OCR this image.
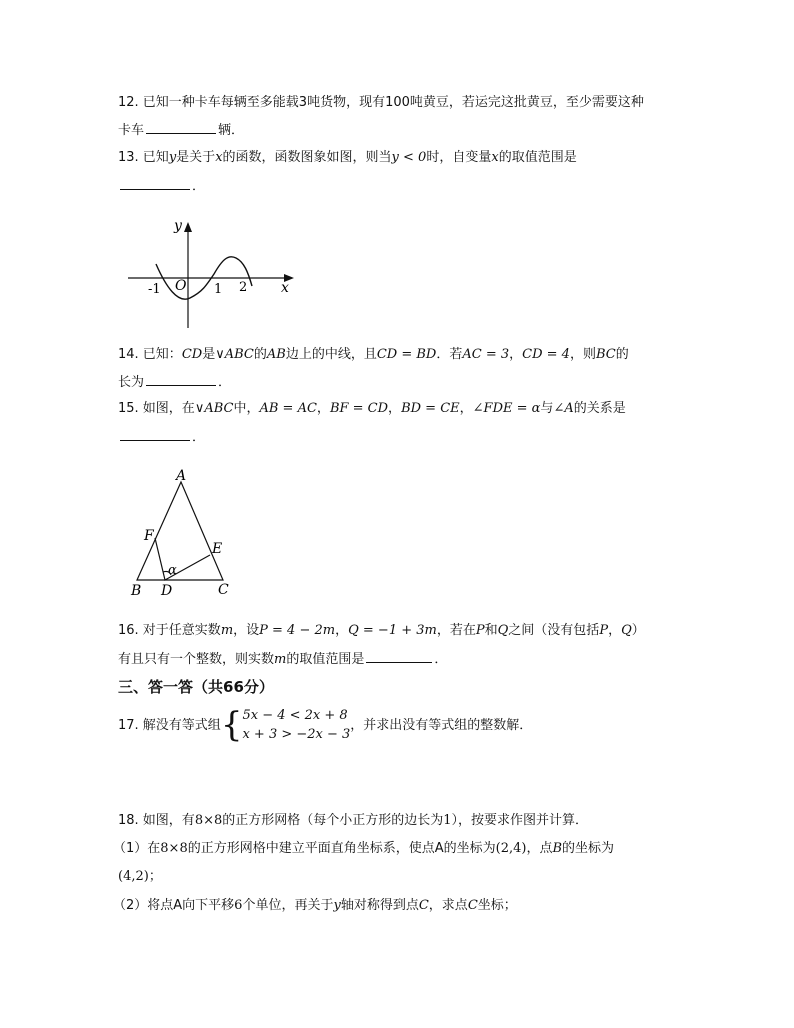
12. 已知一种卡车每辆至多能载3吨货物，现有100吨黄豆，若运完这批黄豆，至少需要这种
卡车	辆．
13. 已知y是关于x的函数，函数图象如图，则当y < 0时，自变量x的取值范围是
．
y
x
O
-1	1 2
14. 已知：CD是∨ABC的AB边上的中线，且CD = BD．若AC = 3，CD = 4，则BC的
长为	．
15. 如图，在∨ABC中，AB = AC，BF = CD，BD = CE，∠FDE = α与∠A的关系是
．
A
B	C
D
E
F
α
16. 对于任意实数m，设P = 4 − 2m，Q = −1 + 3m，若在P和Q之间（没有包括P，Q）
有且只有一个整数，则实数m的取值范围是	．
三、答一答（共66分）
17. 解没有等式组{5x − 4 < 2x + 8
x + 3 > −2x − 3，并求出没有等式组的整数解．
18. 如图，有8×8的正方形网格（每个小正方形的边长为1），按要求作图并计算．
（1）在8×8的正方形网格中建立平面直角坐标系，使点A的坐标为(2,4)，点B的坐标为
(4,2)；
（2）将点A向下平移6个单位，再关于y轴对称得到点C，求点C坐标；
